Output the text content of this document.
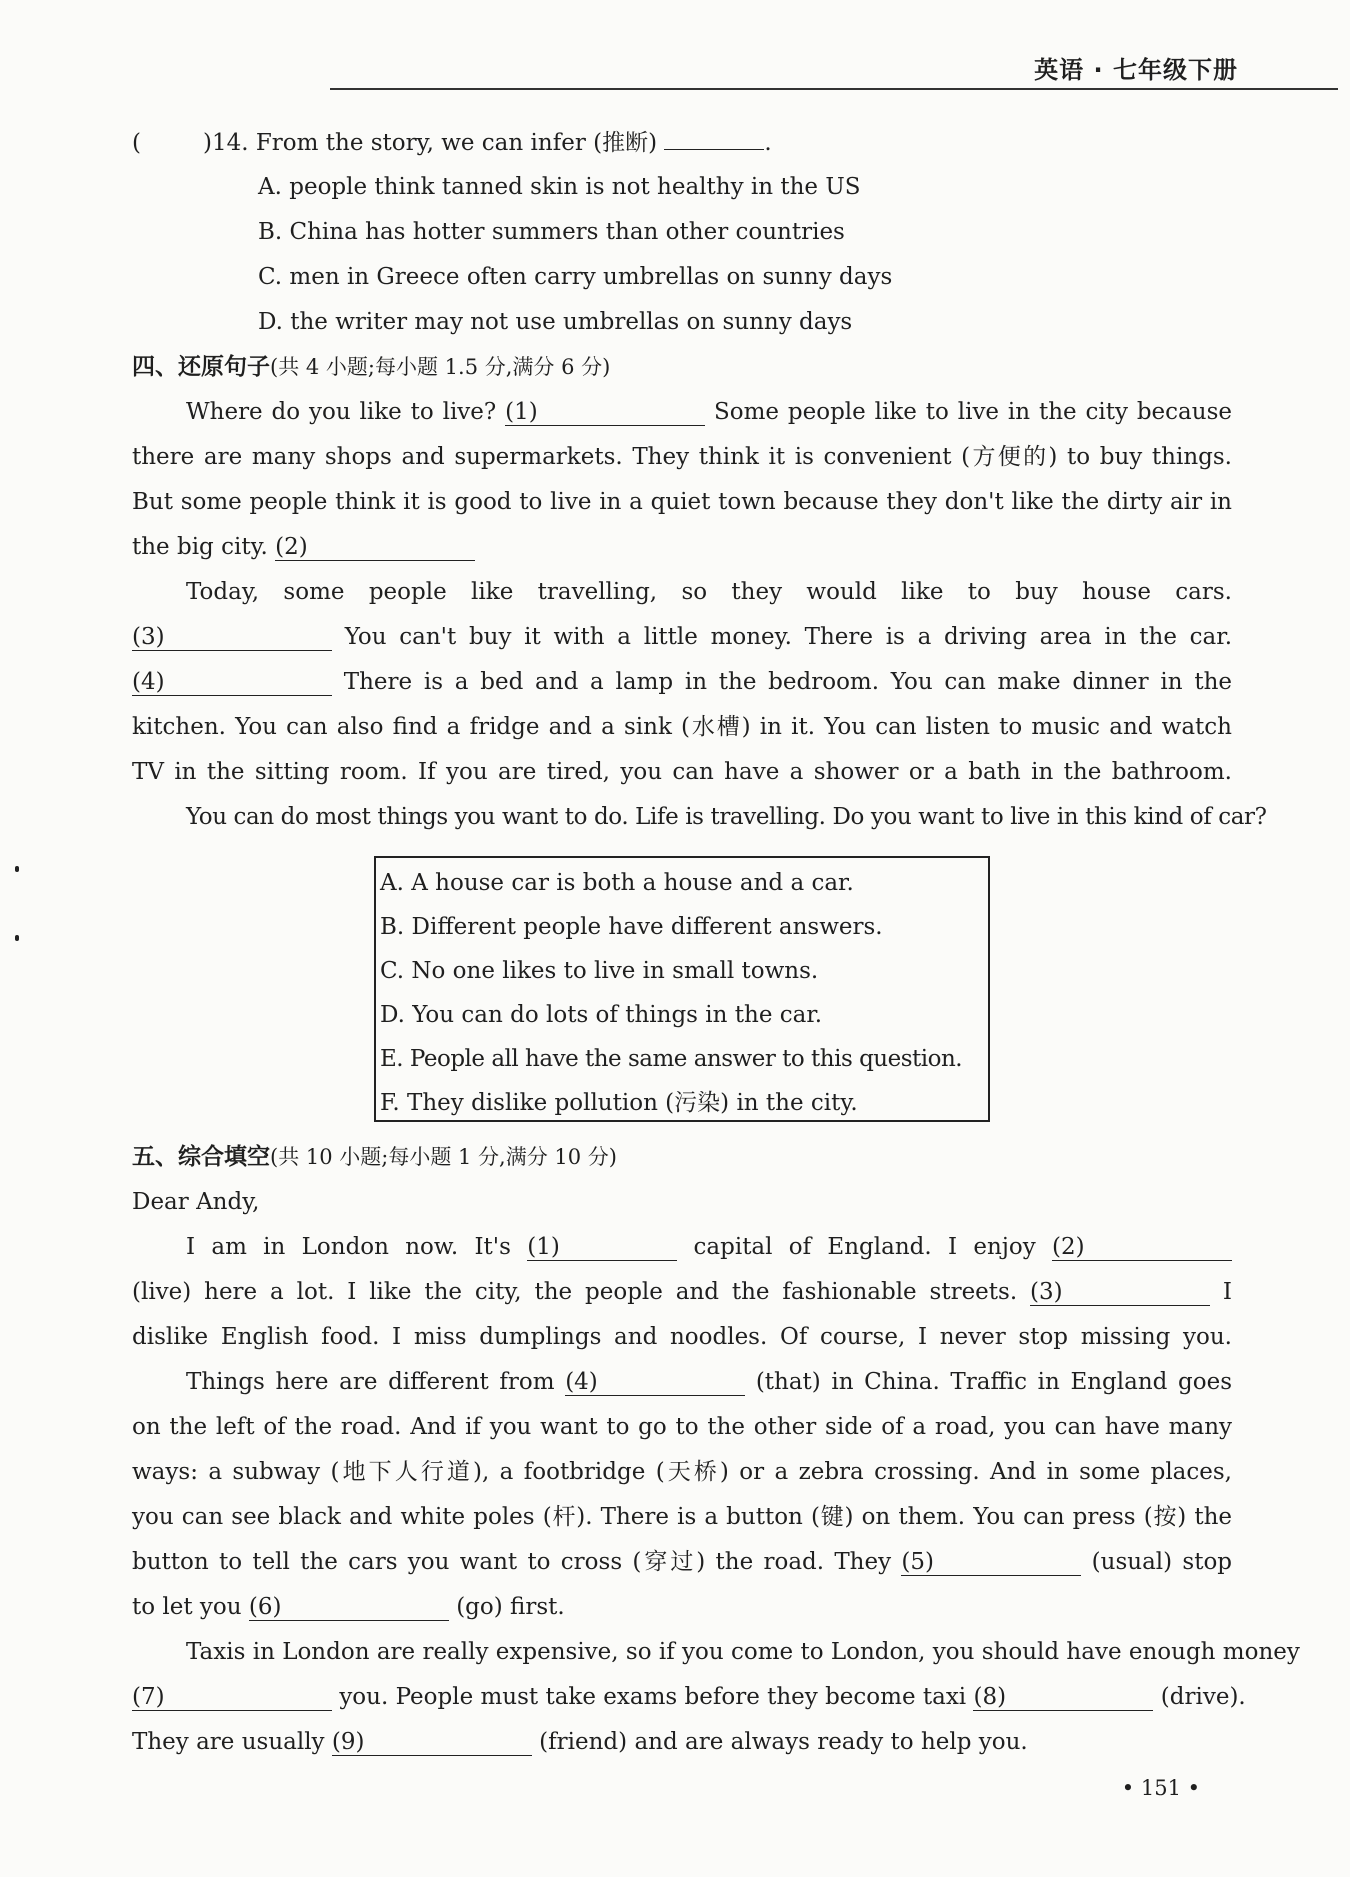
英语 · 七年级下册
(	)14. From the story, we can infer (推断)	.
A. people think tanned skin is not healthy in the US
B. China has hotter summers than other countries
C. men in Greece often carry umbrellas on sunny days
D. the writer may not use umbrellas on sunny days
四、还原句子(共 4 小题;每小题 1.5 分,满分 6 分)
Where do you like to live? (1)	Some people like to live in the city because
there are many shops and supermarkets. They think it is convenient (方便的) to buy things.
But some people think it is good to live in a quiet town because they don't like the dirty air in
the big city. (2)
Today, some people like travelling, so they would like to buy house cars.
(3)	You can't buy it with a little money. There is a driving area in the car.
(4)	There is a bed and a lamp in the bedroom. You can make dinner in the
kitchen. You can also find a fridge and a sink (水槽) in it. You can listen to music and watch
TV in the sitting room. If you are tired, you can have a shower or a bath in the bathroom.
You can do most things you want to do. Life is travelling. Do you want to live in this kind of car?
A. A house car is both a house and a car.
B. Different people have different answers.
C. No one likes to live in small towns.
D. You can do lots of things in the car.
E. People all have the same answer to this question.
F. They dislike pollution (污染) in the city.
五、综合填空(共 10 小题;每小题 1 分,满分 10 分)
Dear Andy,
I am in London now. It's (1)	capital of England. I enjoy (2)
(live) here a lot. I like the city, the people and the fashionable streets. (3)	I
dislike English food. I miss dumplings and noodles. Of course, I never stop missing you.
Things here are different from (4)	(that) in China. Traffic in England goes
on the left of the road. And if you want to go to the other side of a road, you can have many
ways: a subway (地下人行道), a footbridge (天桥) or a zebra crossing. And in some places,
you can see black and white poles (杆). There is a button (键) on them. You can press (按) the
button to tell the cars you want to cross (穿过) the road. They (5)	(usual) stop
to let you (6)	(go) first.
Taxis in London are really expensive, so if you come to London, you should have enough money
(7)	you. People must take exams before they become taxi (8)	(drive).
They are usually (9)	(friend) and are always ready to help you.
• 151 •
